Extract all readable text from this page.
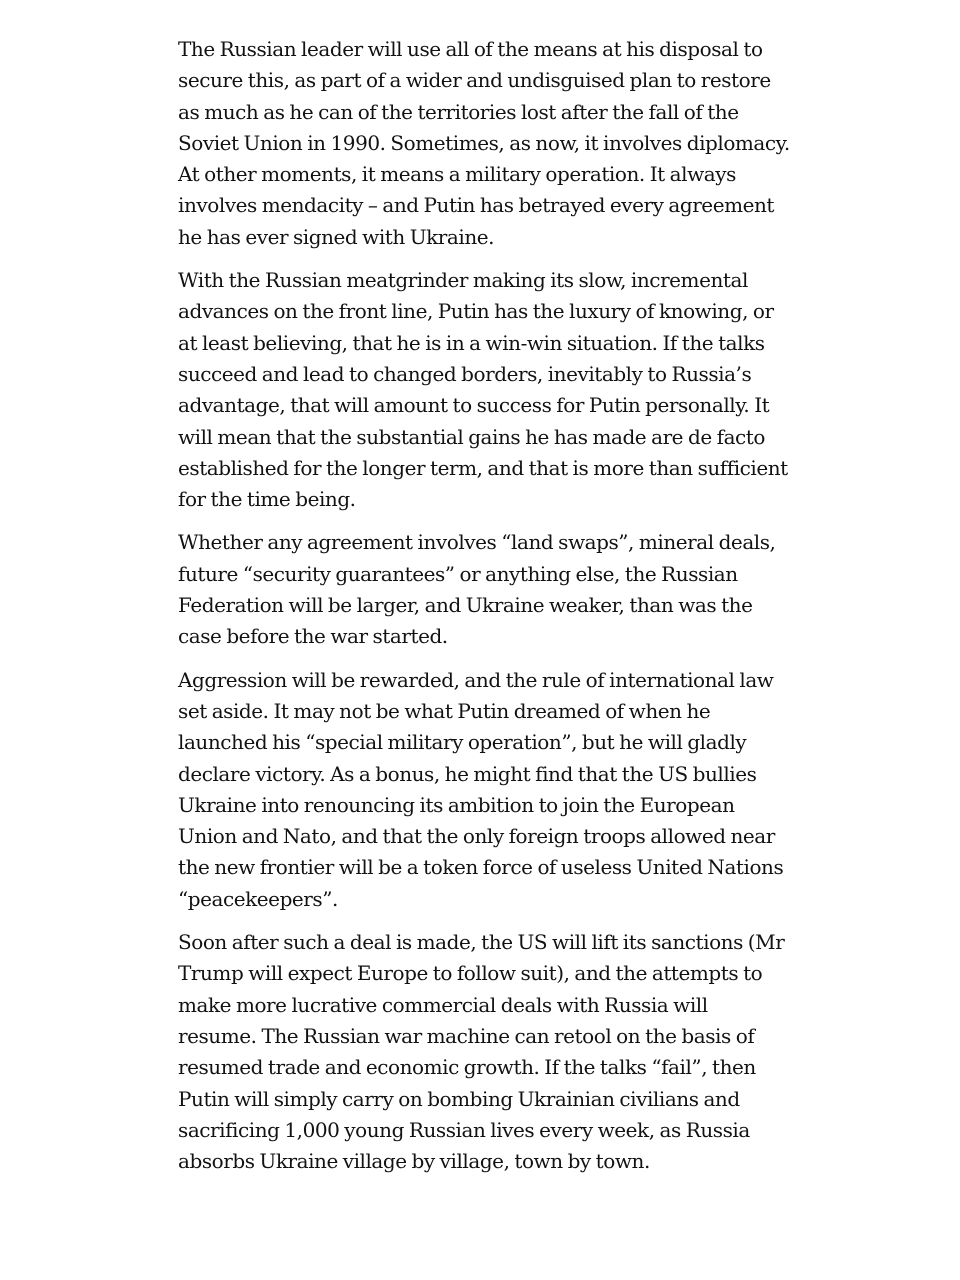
The Russian leader will use all of the means at his disposal to secure this, as part of a wider and undisguised plan to restore as much as he can of the territories lost after the fall of the Soviet Union in 1990. Sometimes, as now, it involves diplomacy. At other moments, it means a military operation. It always involves mendacity – and Putin has betrayed every agreement he has ever signed with Ukraine.

With the Russian meatgrinder making its slow, incremental advances on the front line, Putin has the luxury of knowing, or at least believing, that he is in a win-win situation. If the talks succeed and lead to changed borders, inevitably to Russia’s advantage, that will amount to success for Putin personally. It will mean that the substantial gains he has made are de facto established for the longer term, and that is more than sufficient for the time being.

Whether any agreement involves “land swaps”, mineral deals, future “security guarantees” or anything else, the Russian Federation will be larger, and Ukraine weaker, than was the case before the war started.

Aggression will be rewarded, and the rule of international law set aside. It may not be what Putin dreamed of when he launched his “special military operation”, but he will gladly declare victory. As a bonus, he might find that the US bullies Ukraine into renouncing its ambition to join the European Union and Nato, and that the only foreign troops allowed near the new frontier will be a token force of useless United Nations “peacekeepers”.

Soon after such a deal is made, the US will lift its sanctions (Mr Trump will expect Europe to follow suit), and the attempts to make more lucrative commercial deals with Russia will resume. The Russian war machine can retool on the basis of resumed trade and economic growth. If the talks “fail”, then Putin will simply carry on bombing Ukrainian civilians and sacrificing 1,000 young Russian lives every week, as Russia absorbs Ukraine village by village, town by town.
